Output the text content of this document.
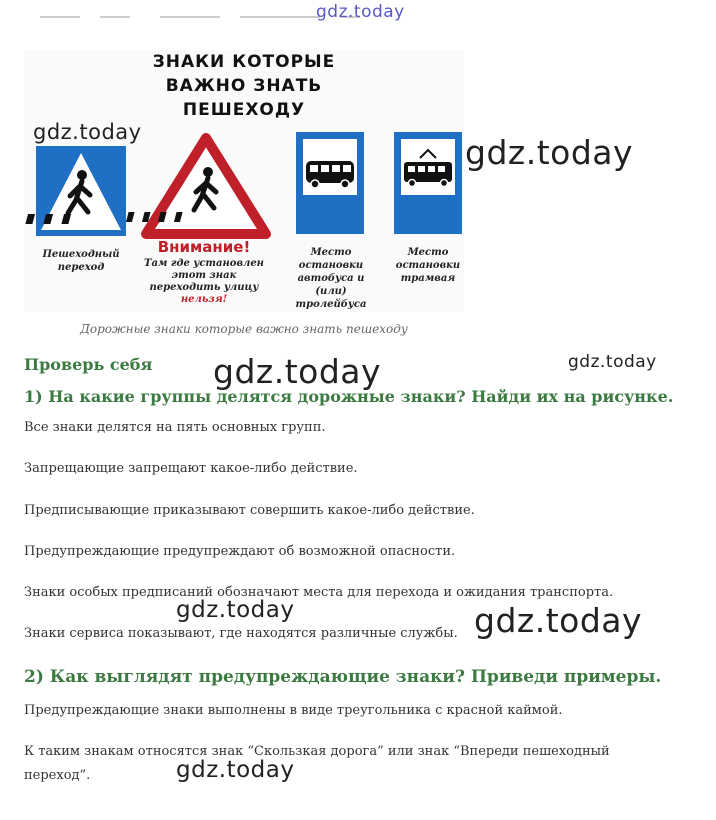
gdz.today
ЗНАКИ КОТОРЫЕ
ВАЖНО ЗНАТЬ
ПЕШЕХОДУ
Пешеходный
переход
Внимание!
Там где установлен
этот знак
переходить улицу
нельзя!
Место
остановки
автобуса и
(или)
тролейбуса
Место
остановки
трамвая
gdz.today
gdz.today
Дорожные знаки которые важно знать пешеходу
Проверь себя	gdz.today
gdz.today
1) На какие группы делятся дорожные знаки? Найди их на рисунке.
Все знаки делятся на пять основных групп.
Запрещающие запрещают какое-либо действие.
Предписывающие приказывают совершить какое-либо действие.
Предупреждающие предупреждают об возможной опасности.
Знаки особых предписаний обозначают места для перехода и ожидания транспорта.
Знаки сервиса показывают, где находятся различные службы.
gdz.today	gdz.today
2) Как выглядят предупреждающие знаки? Приведи примеры.
Предупреждающие знаки выполнены в виде треугольника с красной каймой.
К таким знакам относятся знак “Скользкая дорога” или знак “Впереди пешеходный переход”.	gdz.today
